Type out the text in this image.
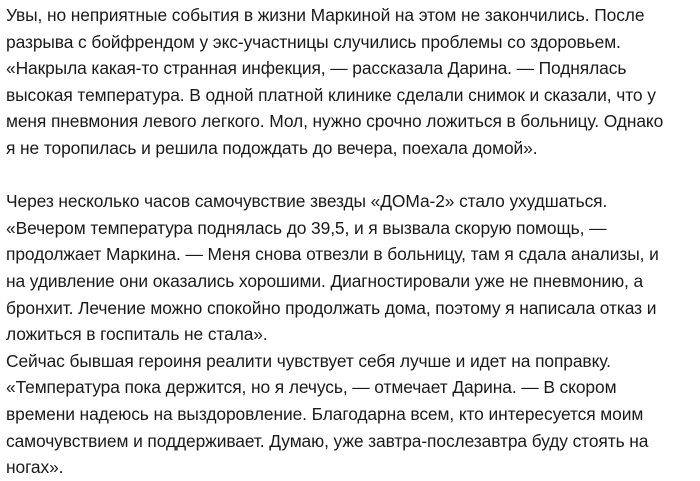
Увы, но неприятные события в жизни Маркиной на этом не закончились. После
разрыва с бойфрендом у экс-участницы случились проблемы со здоровьем.
«Накрыла какая-то странная инфекция, — рассказала Дарина. — Поднялась
высокая температура. В одной платной клинике сделали снимок и сказали, что у
меня пневмония левого легкого. Мол, нужно срочно ложиться в больницу. Однако
я не торопилась и решила подождать до вечера, поехала домой».

Через несколько часов самочувствие звезды «ДОМа-2» стало ухудшаться.
«Вечером температура поднялась до 39,5, и я вызвала скорую помощь, —
продолжает Маркина. — Меня снова отвезли в больницу, там я сдала анализы, и
на удивление они оказались хорошими. Диагностировали уже не пневмонию, а
бронхит. Лечение можно спокойно продолжать дома, поэтому я написала отказ и
ложиться в госпиталь не стала».

Сейчас бывшая героиня реалити чувствует себя лучше и идет на поправку.
«Температура пока держится, но я лечусь, — отмечает Дарина. — В скором
времени надеюсь на выздоровление. Благодарна всем, кто интересуется моим
самочувствием и поддерживает. Думаю, уже завтра-послезавтра буду стоять на
ногах».
